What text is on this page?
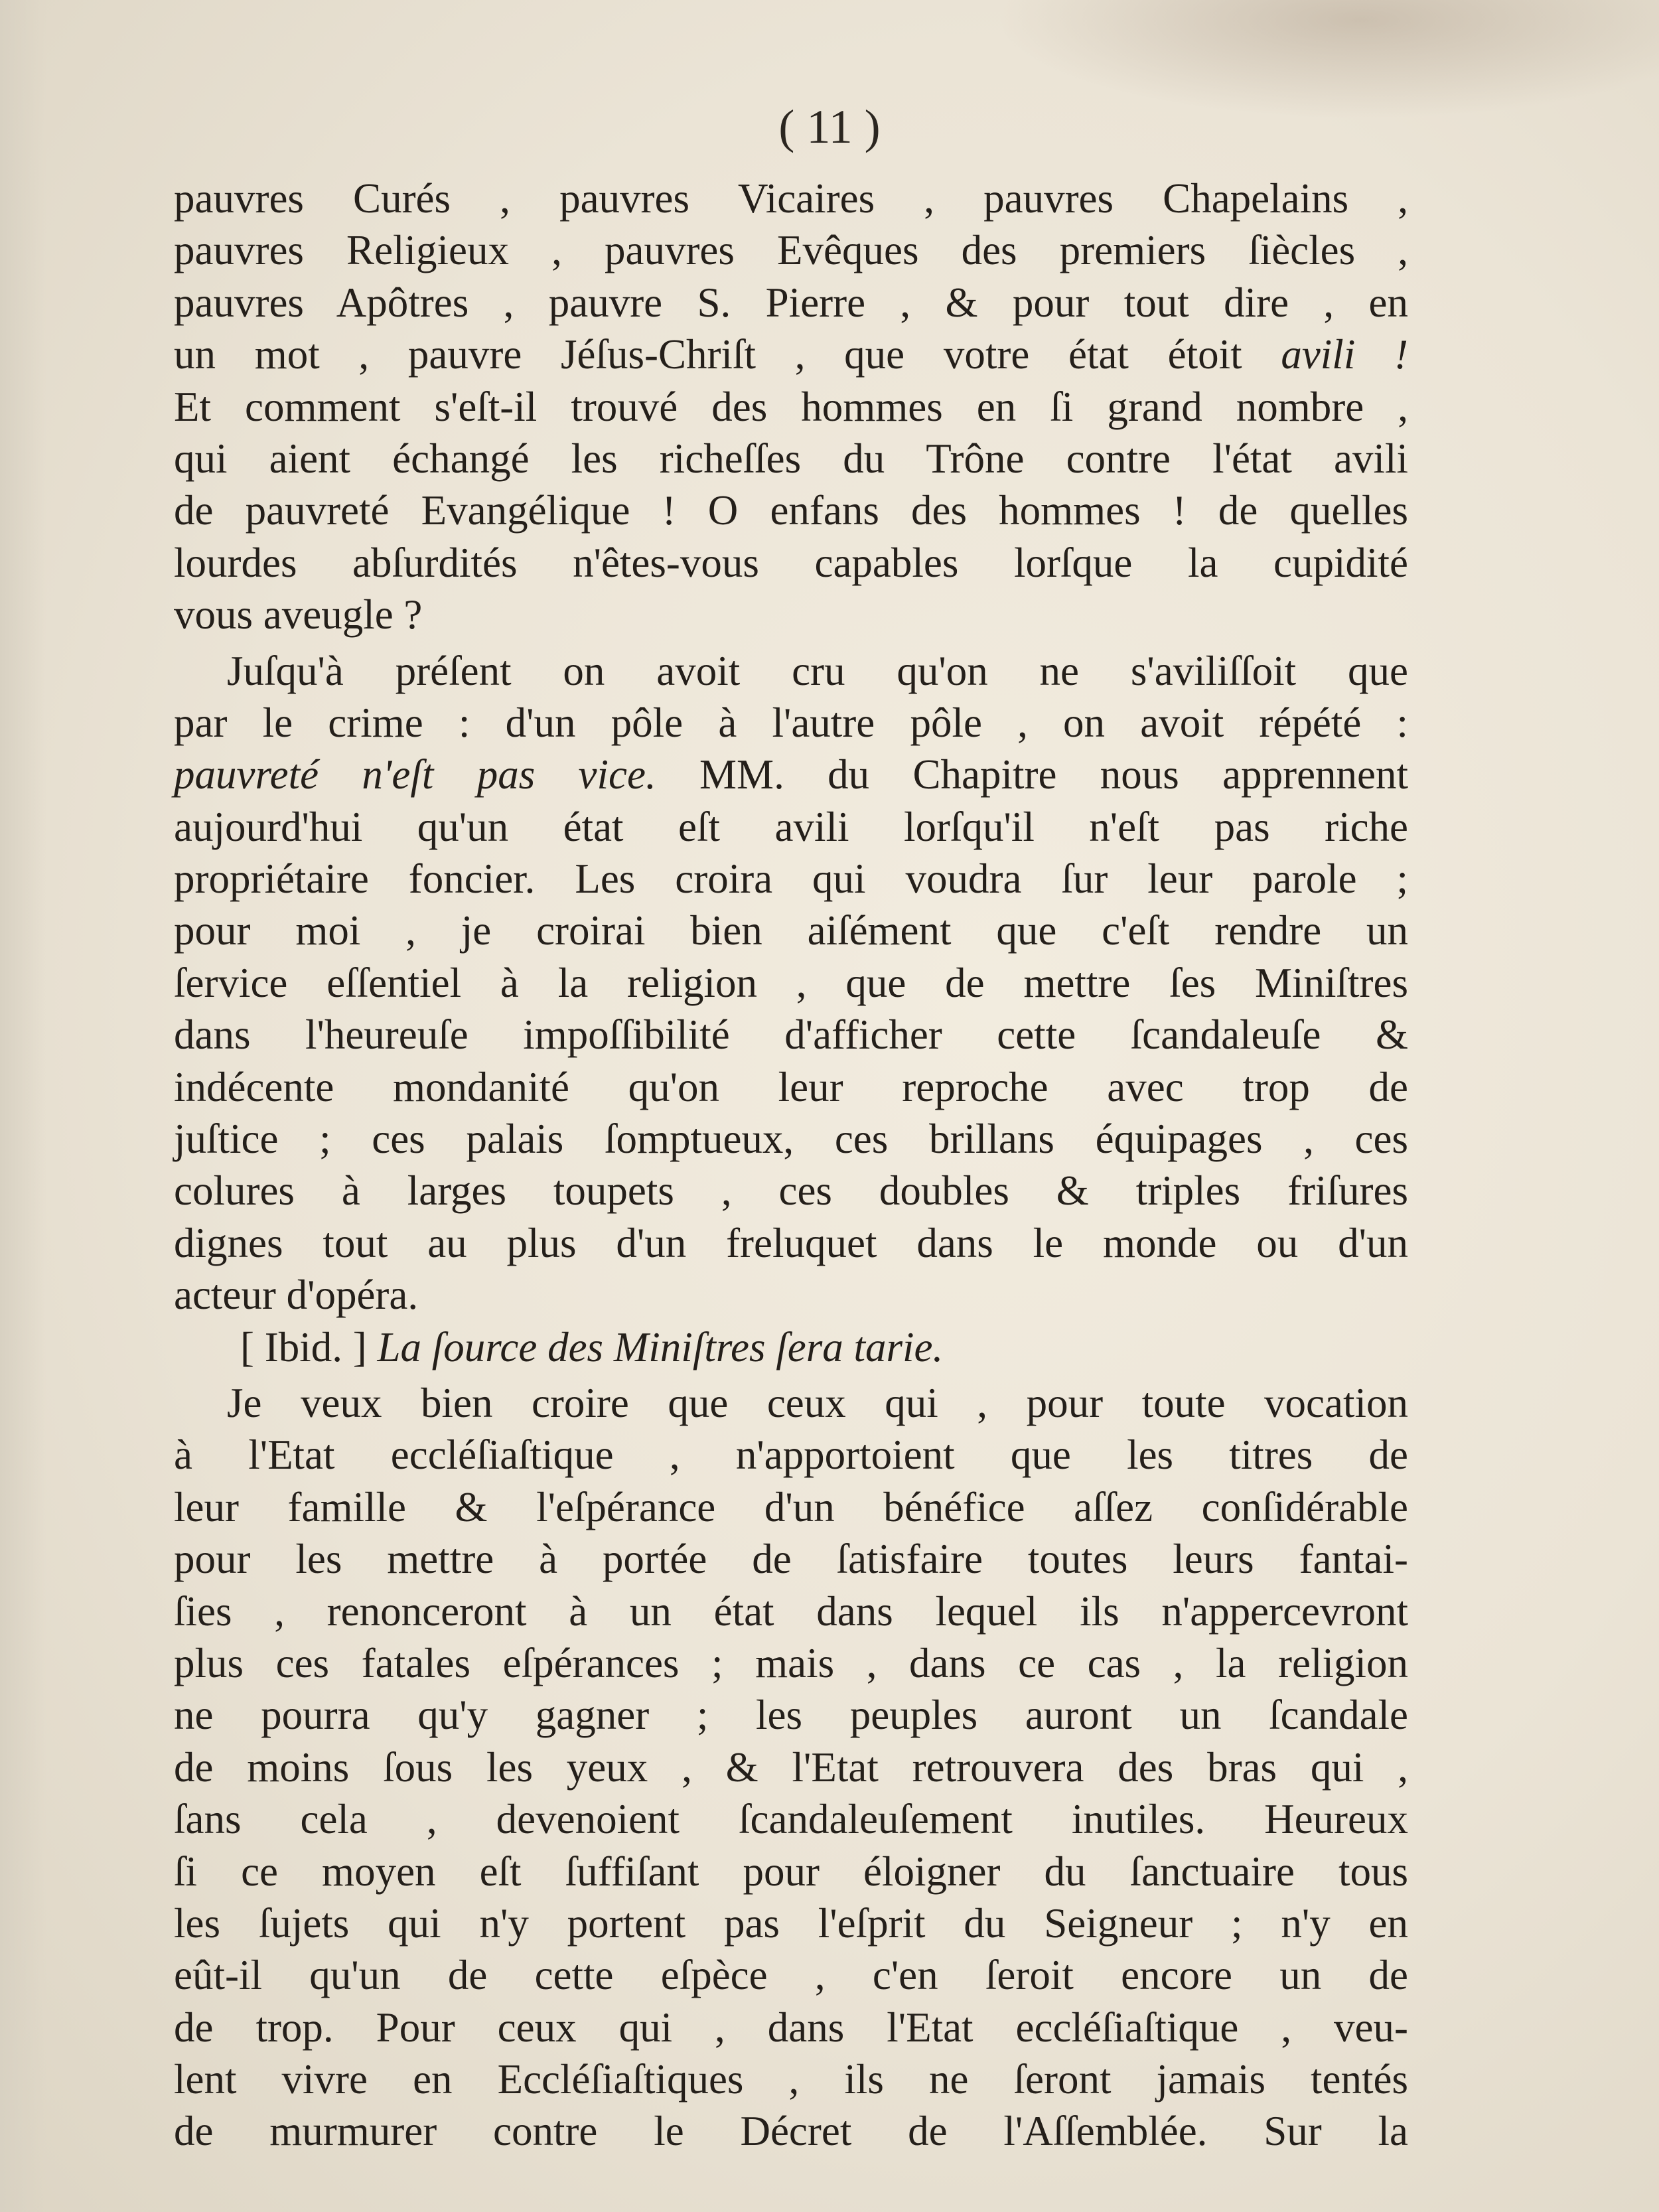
( 11 )
pauvres Curés , pauvres Vicaires , pauvres Chapelains ,
pauvres Religieux , pauvres Evêques des premiers ſiècles ,
pauvres Apôtres , pauvre S. Pierre , & pour tout dire , en
un mot , pauvre Jéſus-Chriſt , que votre état étoit avili !
Et comment s'eſt-il trouvé des hommes en ſi grand nombre ,
qui aient échangé les richeſſes du Trône contre l'état avili
de pauvreté Evangélique ! O enfans des hommes ! de quelles
lourdes abſurdités n'êtes-vous capables lorſque la cupidité
vous aveugle ?
Juſqu'à préſent on avoit cru qu'on ne s'aviliſſoit que
par le crime : d'un pôle à l'autre pôle , on avoit répété :
pauvreté n'eſt pas vice. MM. du Chapitre nous apprennent
aujourd'hui qu'un état eſt avili lorſqu'il n'eſt pas riche
propriétaire foncier. Les croira qui voudra ſur leur parole ;
pour moi , je croirai bien aiſément que c'eſt rendre un
ſervice eſſentiel à la religion , que de mettre ſes Miniſtres
dans l'heureuſe impoſſibilité d'afficher cette ſcandaleuſe &
indécente mondanité qu'on leur reproche avec trop de
juſtice ; ces palais ſomptueux, ces brillans équipages , ces
colures à larges toupets , ces doubles & triples friſures
dignes tout au plus d'un freluquet dans le monde ou d'un
acteur d'opéra.
[ Ibid. ] La ſource des Miniſtres ſera tarie.
Je veux bien croire que ceux qui , pour toute vocation
à l'Etat eccléſiaſtique , n'apportoient que les titres de
leur famille & l'eſpérance d'un bénéfice aſſez conſidérable
pour les mettre à portée de ſatisfaire toutes leurs fantai-
ſies , renonceront à un état dans lequel ils n'appercevront
plus ces fatales eſpérances ; mais , dans ce cas , la religion
ne pourra qu'y gagner ; les peuples auront un ſcandale
de moins ſous les yeux , & l'Etat retrouvera des bras qui ,
ſans cela , devenoient ſcandaleuſement inutiles. Heureux
ſi ce moyen eſt ſuffiſant pour éloigner du ſanctuaire tous
les ſujets qui n'y portent pas l'eſprit du Seigneur ; n'y en
eût-il qu'un de cette eſpèce , c'en ſeroit encore un de
de trop. Pour ceux qui , dans l'Etat eccléſiaſtique , veu-
lent vivre en Eccléſiaſtiques , ils ne ſeront jamais tentés
de murmurer contre le Décret de l'Aſſemblée. Sur la
